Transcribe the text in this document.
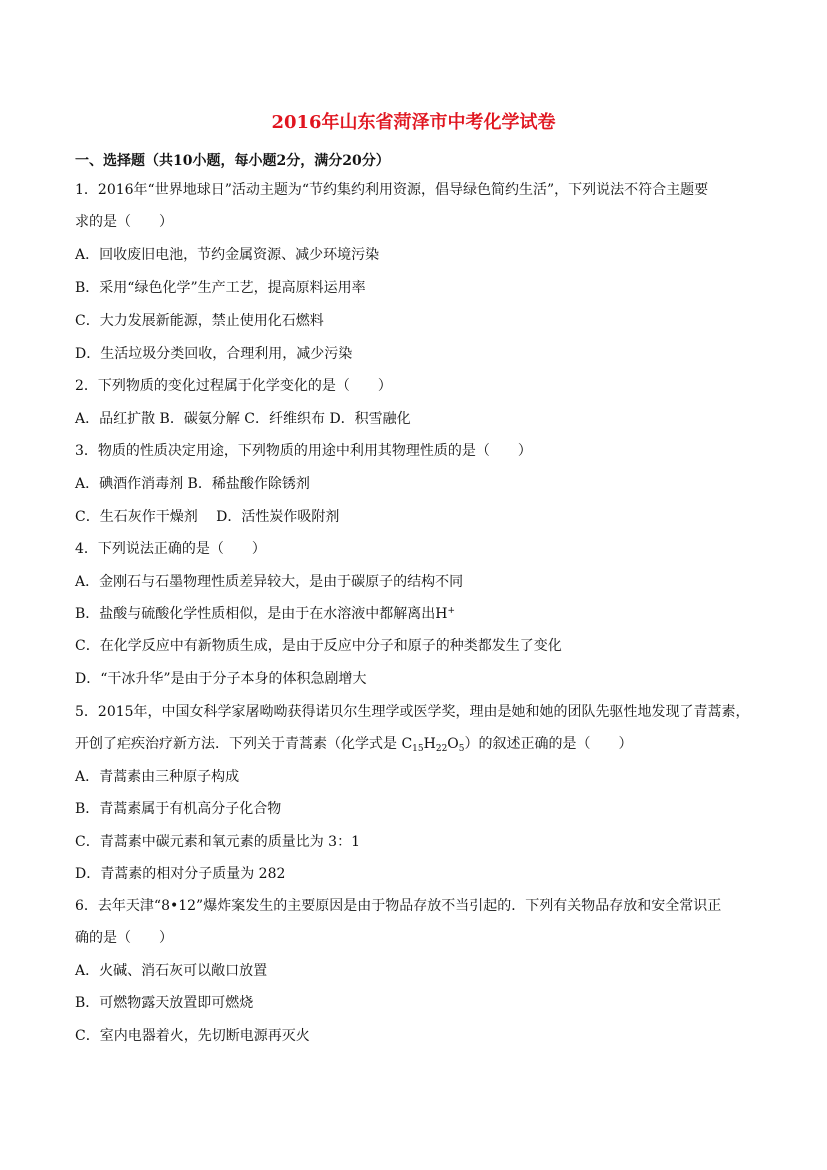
2016年山东省菏泽市中考化学试卷
一、选择题（共10小题，每小题2分，满分20分）
1．2016年“世界地球日”活动主题为“节约集约利用资源，倡导绿色简约生活”，下列说法不符合主题要
求的是（　　）
A．回收废旧电池，节约金属资源、减少环境污染
B．采用“绿色化学”生产工艺，提高原料运用率
C．大力发展新能源，禁止使用化石燃料
D．生活垃圾分类回收，合理利用，减少污染
2．下列物质的变化过程属于化学变化的是（　　）
A．品红扩散 B．碳氨分解 C．纤维织布 D．积雪融化
3．物质的性质决定用途，下列物质的用途中利用其物理性质的是（　　）
A．碘酒作消毒剂 B．稀盐酸作除锈剂
C．生石灰作干燥剂　 D．活性炭作吸附剂
4．下列说法正确的是（　　）
A．金刚石与石墨物理性质差异较大，是由于碳原子的结构不同
B．盐酸与硫酸化学性质相似，是由于在水溶液中都解离出H+
C．在化学反应中有新物质生成，是由于反应中分子和原子的种类都发生了变化
D．“干冰升华”是由于分子本身的体积急剧增大
5．2015年，中国女科学家屠呦呦获得诺贝尔生理学或医学奖，理由是她和她的团队先驱性地发现了青蒿素，
开创了疟疾治疗新方法．下列关于青蒿素（化学式是 $C_{15}H_{22}O_5$）的叙述正确的是（　　）
A．青蒿素由三种原子构成
B．青蒿素属于有机高分子化合物
C．青蒿素中碳元素和氧元素的质量比为 3：1
D．青蒿素的相对分子质量为 282
6．去年天津“8•12”爆炸案发生的主要原因是由于物品存放不当引起的．下列有关物品存放和安全常识正
确的是（　　）
A．火碱、消石灰可以敞口放置
B．可燃物露天放置即可燃烧
C．室内电器着火，先切断电源再灭火
